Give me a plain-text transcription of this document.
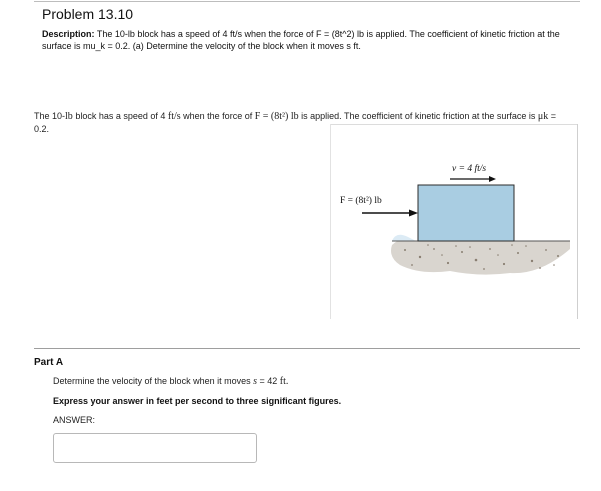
Problem 13.10
Description: The 10-lb block has a speed of 4 ft/s when the force of F = (8t^2) lb is applied. The coefficient of kinetic friction at the surface is mu_k = 0.2. (a) Determine the velocity of the block when it moves s ft.
The 10-lb block has a speed of 4 ft/s when the force of F = (8t²) lb is applied. The coefficient of kinetic friction at the surface is μk = 0.2.
v = 4 ft/s
F = (8t²) lb
Part A
Determine the velocity of the block when it moves s = 42 ft.
Express your answer in feet per second to three significant figures.
ANSWER:
